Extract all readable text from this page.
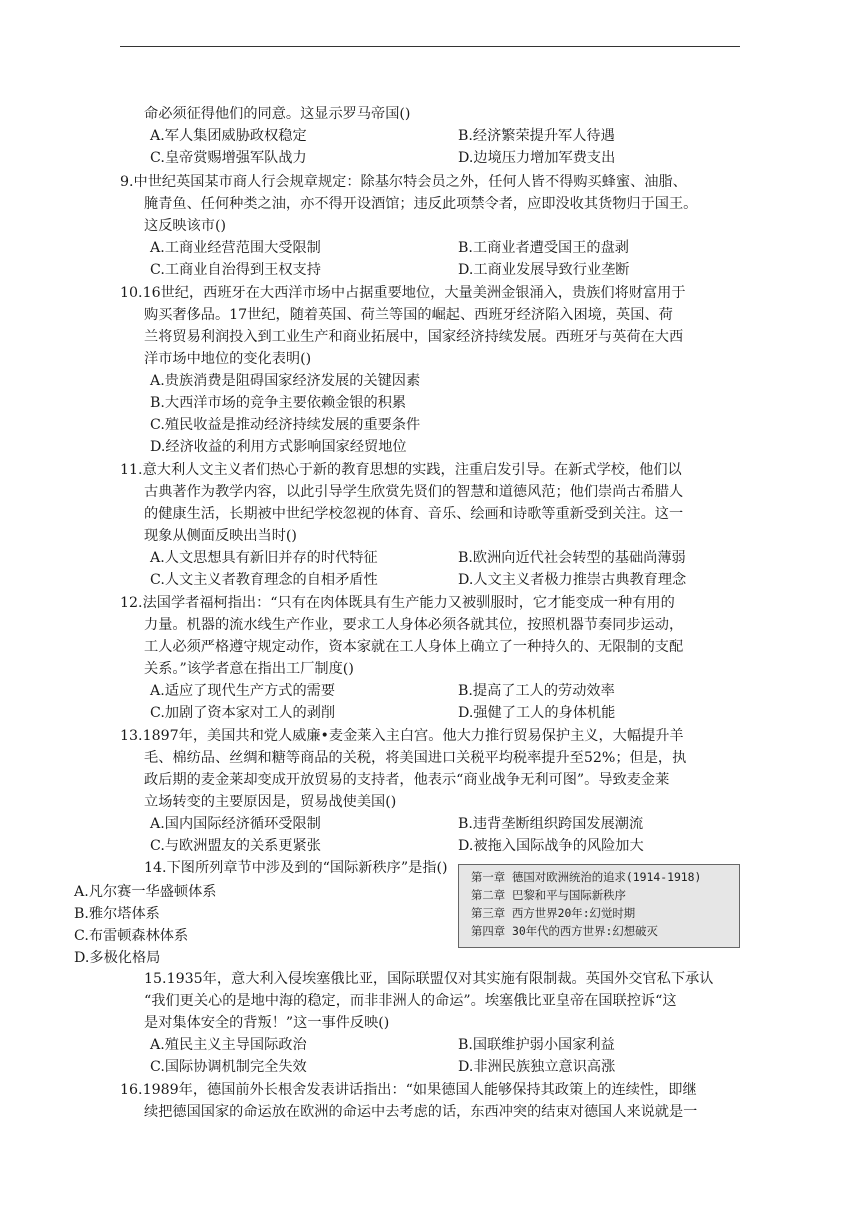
命必须征得他们的同意。这显示罗马帝国()
A.军人集团威胁政权稳定	B.经济繁荣提升军人待遇
C.皇帝赏赐增强军队战力	D.边境压力增加军费支出
9.中世纪英国某市商人行会规章规定：除基尔特会员之外，任何人皆不得购买蜂蜜、油脂、
腌青鱼、任何种类之油，亦不得开设酒馆；违反此项禁令者，应即没收其货物归于国王。
这反映该市()
A.工商业经营范围大受限制	B.工商业者遭受国王的盘剥
C.工商业自治得到王权支持	D.工商业发展导致行业垄断
10.16世纪，西班牙在大西洋市场中占据重要地位，大量美洲金银涌入，贵族们将财富用于
购买奢侈品。17世纪，随着英国、荷兰等国的崛起、西班牙经济陷入困境，英国、荷
兰将贸易利润投入到工业生产和商业拓展中，国家经济持续发展。西班牙与英荷在大西
洋市场中地位的变化表明()
A.贵族消费是阻碍国家经济发展的关键因素
B.大西洋市场的竞争主要依赖金银的积累
C.殖民收益是推动经济持续发展的重要条件
D.经济收益的利用方式影响国家经贸地位
11.意大利人文主义者们热心于新的教育思想的实践，注重启发引导。在新式学校，他们以
古典著作为教学内容，以此引导学生欣赏先贤们的智慧和道德风范；他们崇尚古希腊人
的健康生活，长期被中世纪学校忽视的体育、音乐、绘画和诗歌等重新受到关注。这一
现象从侧面反映出当时()
A.人文思想具有新旧并存的时代特征	B.欧洲向近代社会转型的基础尚薄弱
C.人文主义者教育理念的自相矛盾性	D.人文主义者极力推崇古典教育理念
12.法国学者福柯指出：“只有在肉体既具有生产能力又被驯服时，它才能变成一种有用的
力量。机器的流水线生产作业，要求工人身体必须各就其位，按照机器节奏同步运动，
工人必须严格遵守规定动作，资本家就在工人身体上确立了一种持久的、无限制的支配
关系。”该学者意在指出工厂制度()
A.适应了现代生产方式的需要	B.提高了工人的劳动效率
C.加剧了资本家对工人的剥削	D.强健了工人的身体机能
13.1897年，美国共和党人威廉•麦金莱入主白宫。他大力推行贸易保护主义，大幅提升羊
毛、棉纺品、丝绸和糖等商品的关税，将美国进口关税平均税率提升至52%；但是，执
政后期的麦金莱却变成开放贸易的支持者，他表示“商业战争无利可图”。导致麦金莱
立场转变的主要原因是，贸易战使美国()
A.国内国际经济循环受限制	B.违背垄断组织跨国发展潮流
C.与欧洲盟友的关系更紧张	D.被拖入国际战争的风险加大
14.下图所列章节中涉及到的“国际新秩序”是指()
A.凡尔赛一华盛顿体系
B.雅尔塔体系
C.布雷顿森林体系
D.多极化格局
第一章 德国对欧洲统治的追求(1914-1918)
第二章 巴黎和平与国际新秩序
第三章 西方世界20年:幻觉时期
第四章 30年代的西方世界:幻想破灭
15.1935年，意大利入侵埃塞俄比亚，国际联盟仅对其实施有限制裁。英国外交官私下承认
“我们更关心的是地中海的稳定，而非非洲人的命运”。埃塞俄比亚皇帝在国联控诉“这
是对集体安全的背叛！”这一事件反映()
A.殖民主义主导国际政治	B.国联维护弱小国家利益
C.国际协调机制完全失效	D.非洲民族独立意识高涨
16.1989年，德国前外长根舍发表讲话指出：“如果德国人能够保持其政策上的连续性，即继
续把德国国家的命运放在欧洲的命运中去考虑的话，东西冲突的结束对德国人来说就是一
